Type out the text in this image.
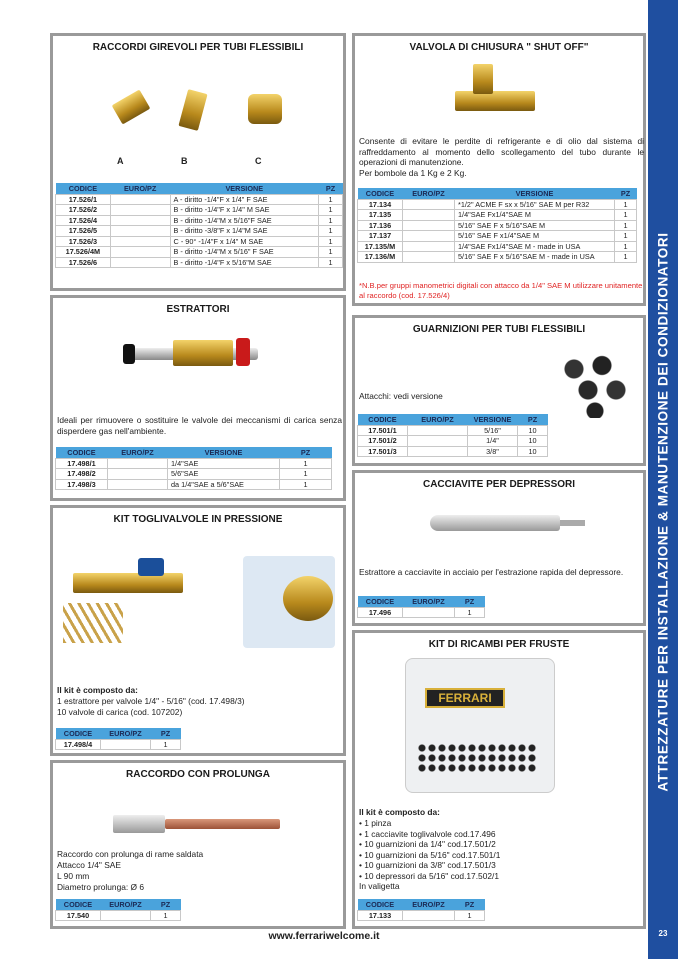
RACCORDI GIREVOLI PER TUBI FLESSIBILI
A	B	C
CODICE	EURO/PZ	VERSIONE	PZ
17.526/1		A - diritto -1/4"F x 1/4" F SAE	1
17.526/2		B - diritto -1/4"F x 1/4" M SAE	1
17.526/4		B - diritto -1/4"M x 5/16"F SAE	1
17.526/5		B - diritto -3/8"F x 1/4"M SAE	1
17.526/3		C - 90° -1/4"F x 1/4" M SAE	1
17.526/4M		B - diritto -1/4"M x 5/16" F SAE	1
17.526/6		B - diritto -1/4"F x 5/16"M SAE	1
ESTRATTORI
Ideali per rimuovere o sostituire le valvole dei meccanismi di carica senza disperdere gas nell'ambiente.
CODICE	EURO/PZ	VERSIONE	PZ
17.498/1		1/4"SAE	1
17.498/2		5/6"SAE	1
17.498/3		da 1/4"SAE a 5/6"SAE	1
KIT TOGLIVALVOLE IN PRESSIONE
Il kit è composto da:
1 estrattore per valvole 1/4" - 5/16" (cod. 17.498/3)
10 valvole di carica (cod. 107202)
CODICE	EURO/PZ	PZ
17.498/4		1
RACCORDO CON PROLUNGA
Raccordo con prolunga di rame saldata
Attacco 1/4" SAE
L 90 mm
Diametro prolunga: Ø 6
CODICE	EURO/PZ	PZ
17.540		1
VALVOLA DI CHIUSURA " SHUT OFF"
Consente di evitare le perdite di refrigerante e di olio dal sistema di raffreddamento al momento dello scollegamento del tubo durante le operazioni di manutenzione.
Per bombole da 1 Kg e 2 Kg.
CODICE	EURO/PZ	VERSIONE	PZ
17.134		*1/2" ACME F sx x 5/16" SAE M per R32	1
17.135		1/4"SAE Fx1/4"SAE M	1
17.136		5/16" SAE F x 5/16"SAE M	1
17.137		5/16" SAE F x1/4"SAE M	1
17.135/M		1/4"SAE Fx1/4"SAE M - made in USA	1
17.136/M		5/16" SAE F x 5/16"SAE M - made in USA	1
*N.B.per gruppi manometrici digitali con attacco da 1/4" SAE M utilizzare unitamente al raccordo (cod. 17.526/4)
GUARNIZIONI PER TUBI FLESSIBILI
Attacchi: vedi versione
CODICE	EURO/PZ	VERSIONE	PZ
17.501/1		5/16"	10
17.501/2		1/4"	10
17.501/3		3/8"	10
CACCIAVITE PER DEPRESSORI
Estrattore a cacciavite in acciaio per l'estrazione rapida del depressore.
CODICE	EURO/PZ	PZ
17.496		1
KIT DI RICAMBI PER FRUSTE
FERRARI
Il kit è composto da:
• 1 pinza
• 1 cacciavite toglivalvole cod.17.496
• 10 guarnizioni da 1/4" cod.17.501/2
• 10 guarnizioni da 5/16" cod.17.501/1
• 10 guarnizioni da 3/8" cod.17.501/3
• 10 depressori da 5/16" cod.17.502/1
In valigetta
CODICE	EURO/PZ	PZ
17.133		1
ATTREZZATURE PER INSTALLAZIONE & MANUTENZIONE DEI CONDIZIONATORI
23
www.ferrariwelcome.it
